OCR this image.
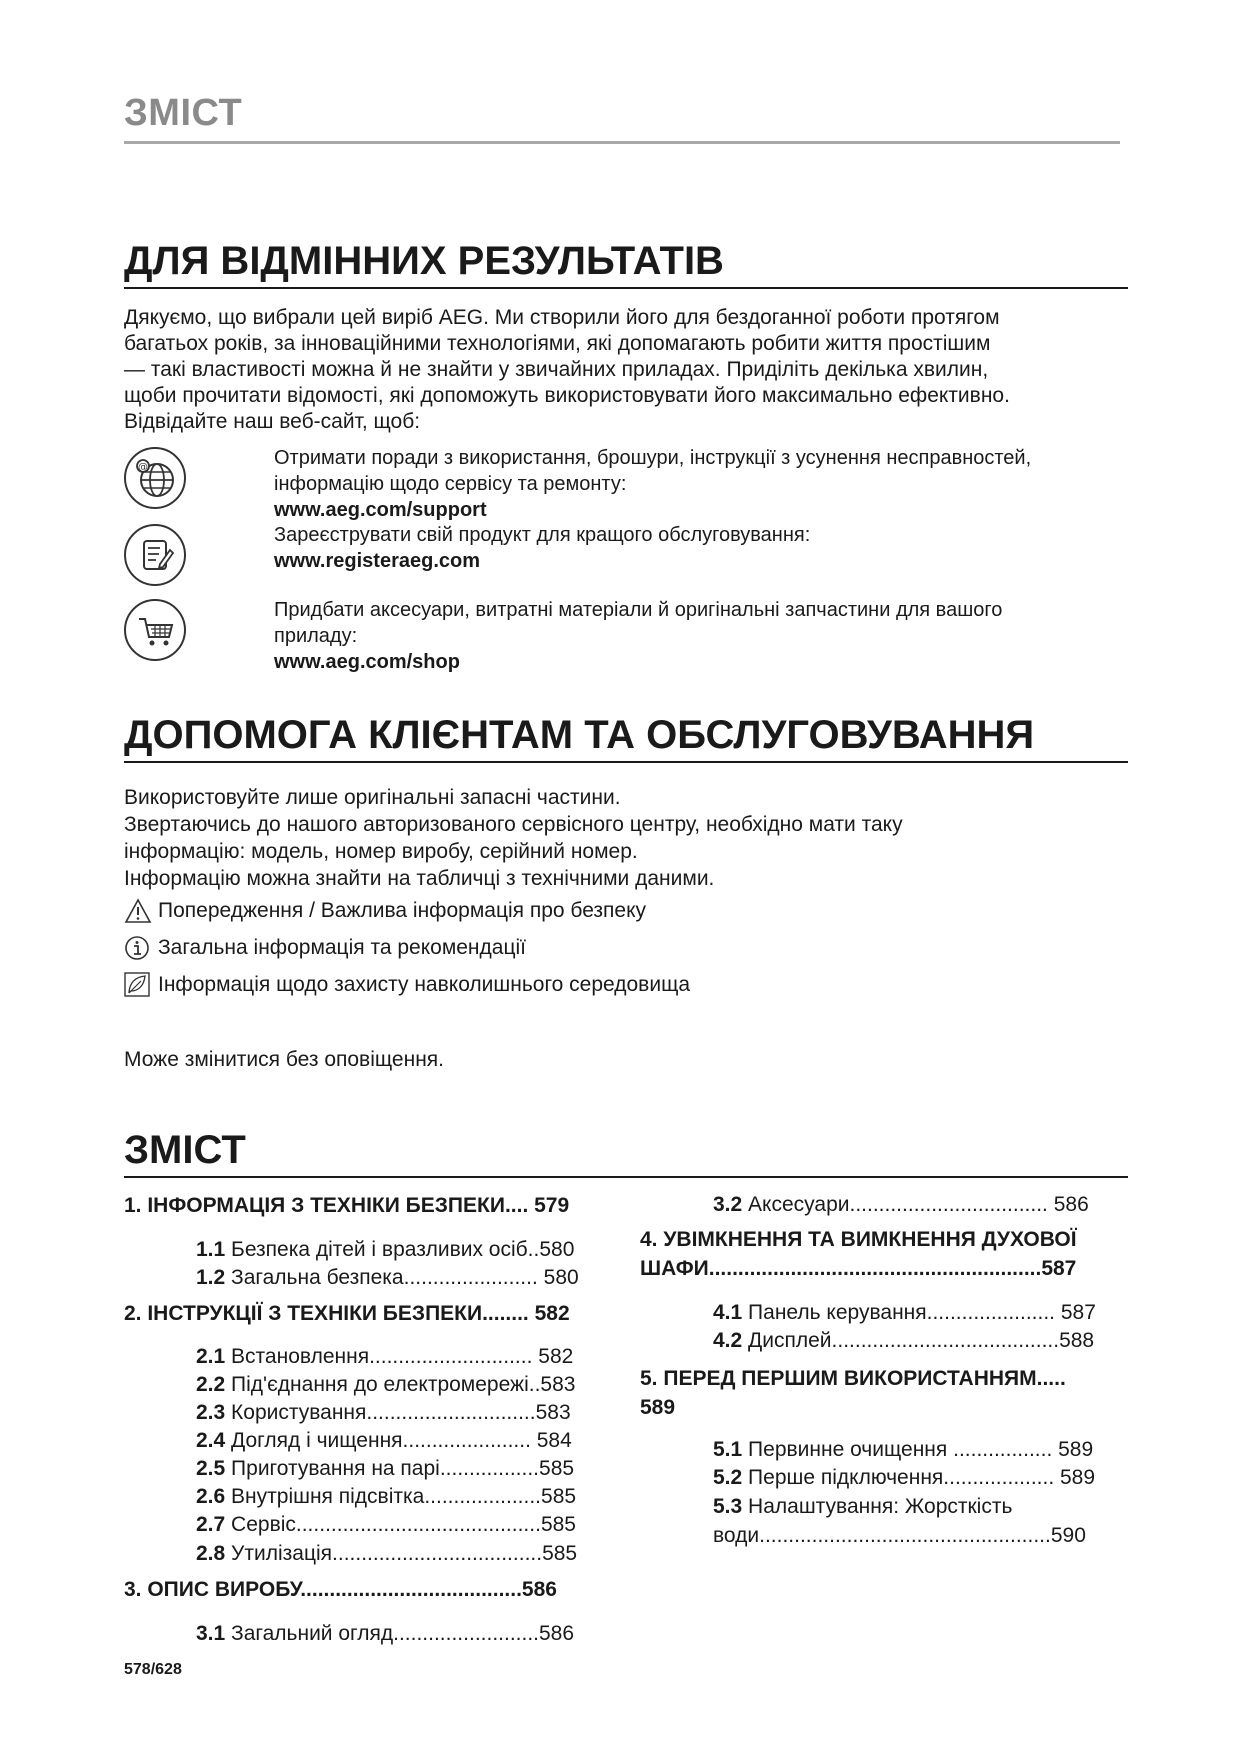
ЗМІСТ
ДЛЯ ВІДМІННИХ РЕЗУЛЬТАТІВ
Дякуємо, що вибрали цей виріб AEG. Ми створили його для бездоганної роботи протягом
багатьох років, за інноваційними технологіями, які допомагають робити життя простішим
— такі властивості можна й не знайти у звичайних приладах. Приділіть декілька хвилин,
щоби прочитати відомості, які допоможуть використовувати його максимально ефективно.
Відвідайте наш веб-сайт, щоб:
@	Отримати поради з використання, брошури, інструкції з усунення несправностей,
інформацію щодо сервісу та ремонту:
www.aeg.com/support
Зареєструвати свій продукт для кращого обслуговування:
www.registeraeg.com
Придбати аксесуари, витратні матеріали й оригінальні запчастини для вашого
приладу:
www.aeg.com/shop
ДОПОМОГА КЛІЄНТАМ ТА ОБСЛУГОВУВАННЯ
Використовуйте лише оригінальні запасні частини.
Звертаючись до нашого авторизованого сервісного центру, необхідно мати таку
інформацію: модель, номер виробу, серійний номер.
Інформацію можна знайти на табличці з технічними даними.
Попередження / Важлива інформація про безпеку
Загальна інформація та рекомендації
Інформація щодо захисту навколишнього середовища
Може змінитися без оповіщення.
ЗМІСТ
1. ІНФОРМАЦІЯ З ТЕХНІКИ БЕЗПЕКИ.... 579
1.1 Безпека дітей і вразливих осіб..580
1.2 Загальна безпека....................... 580
2. ІНСТРУКЦІЇ З ТЕХНІКИ БЕЗПЕКИ........ 582
2.1 Встановлення............................ 582
2.2 Під'єднання до електромережі..583
2.3 Користування.............................583
2.4 Догляд і чищення...................... 584
2.5 Приготування на парі.................585
2.6 Внутрішня підсвітка....................585
2.7 Сервіс..........................................585
2.8 Утилізація....................................585
3. ОПИС ВИРОБУ......................................586
3.1 Загальний огляд.........................586
3.2 Аксесуари.................................. 586
4. УВІМКНЕННЯ ТА ВИМКНЕННЯ ДУХОВОЇ
ШАФИ.........................................................587
4.1 Панель керування...................... 587
4.2 Дисплей.......................................588
5. ПЕРЕД ПЕРШИМ ВИКОРИСТАННЯМ.....
589
5.1 Первинне очищення ................. 589
5.2 Перше підключення................... 589
5.3 Налаштування: Жорсткість
води..................................................590
578/628
